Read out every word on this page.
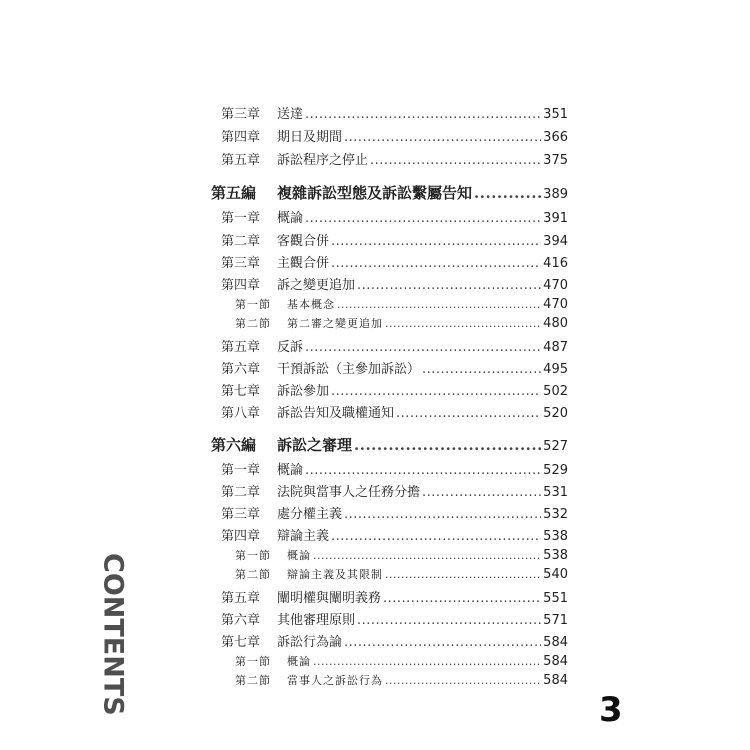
第三章	送達 .....	351
第四章	期日及期間 .....	366
第五章	訴訟程序之停止 .....	375
第五編	複雜訴訟型態及訴訟繫屬告知 .....	389
第一章	概論 .....	391
第二章	客觀合併 .....	394
第三章	主觀合併 .....	416
第四章	訴之變更追加 .....	470
第一節	基本概念 .....	470
第二節	第二審之變更追加 .....	480
第五章	反訴 .....	487
第六章	干預訴訟（主參加訴訟） .....	495
第七章	訴訟參加 .....	502
第八章	訴訟告知及職權通知 .....	520
第六編	訴訟之審理 .....	527
第一章	概論 .....	529
第二章	法院與當事人之任務分擔 .....	531
第三章	處分權主義 .....	532
第四章	辯論主義 .....	538
第一節	概論 .....	538
第二節	辯論主義及其限制 .....	540
第五章	闡明權與闡明義務 .....	551
第六章	其他審理原則 .....	571
第七章	訴訟行為論 .....	584
第一節	概論 .....	584
第二節	當事人之訴訟行為 .....	584
CONTENTS	3
